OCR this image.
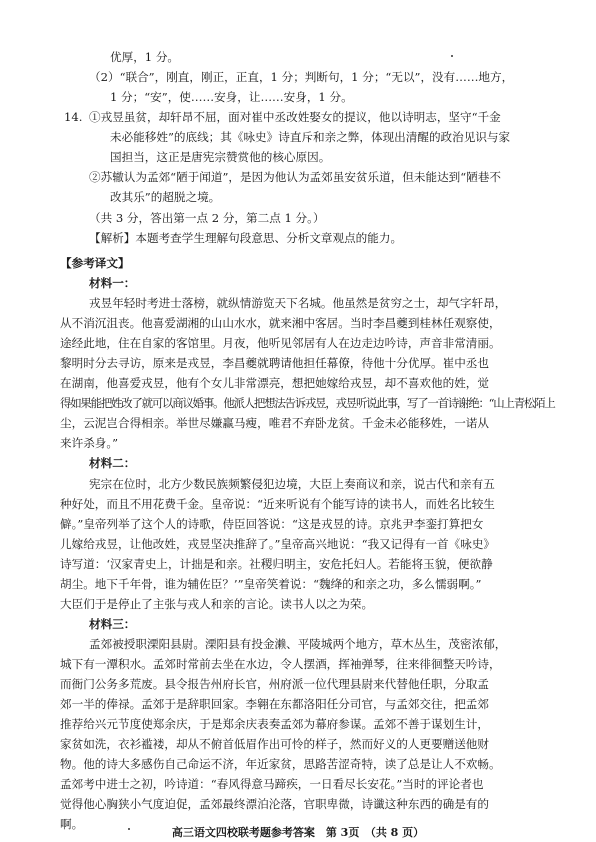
优厚，1 分。
（2）“联合”，刚直，刚正，正直，1 分；判断句，1 分；“无以”，没有……地方，
1 分；“安”，使……安身，让……安身，1 分。
14. ①戎昱虽贫，却轩昂不屈，面对崔中丞改姓娶女的提议，他以诗明志，坚守“千金
未必能移姓”的底线；其《咏史》诗直斥和亲之弊，体现出清醒的政治见识与家
国担当，这正是唐宪宗赞赏他的核心原因。
②苏辙认为孟郊“陋于闻道”，是因为他认为孟郊虽安贫乐道，但未能达到“陋巷不
改其乐”的超脱之境。
（共 3 分，答出第一点 2 分，第二点 1 分。）
【解析】本题考查学生理解句段意思、分析文章观点的能力。
【参考译文】
材料一：
戎昱年轻时考进士落榜，就纵情游览天下名城。他虽然是贫穷之士，却气字轩昂，
从不消沉沮丧。他喜爱湖湘的山山水水，就来湘中客居。当时李昌夔到桂林任观察使，
途经此地，住在自家的客馆里。月夜，他听见邻居有人在边走边吟诗，声音非常清丽。
黎明时分去寻访，原来是戎昱，李昌夔就聘请他担任幕僚，待他十分优厚。崔中丞也
在湖南，他喜爱戎昱，他有个女儿非常漂亮，想把她嫁给戎昱，却不喜欢他的姓，觉
得如果能把姓改了就可以商议婚事。他派人把想法告诉戎昱，戎昱听说此事，写了一首诗谢绝：“山上青松陌上
尘，云泥岂合得相亲。举世尽嫌赢马瘦，唯君不弃卧龙贫。千金未必能移姓，一诺从
来许杀身。”
材料二：
宪宗在位时，北方少数民族频繁侵犯边境，大臣上奏商议和亲，说古代和亲有五
种好处，而且不用花费千金。皇帝说：“近来听说有个能写诗的读书人，而姓名比较生
僻。”皇帝列举了这个人的诗歌，侍臣回答说：“这是戎昱的诗。京兆尹李銮打算把女
儿嫁给戎昱，让他改姓，戎昱坚决推辞了。”皇帝高兴地说：“我又记得有一首《咏史》
诗写道：‘汉家青史上，计拙是和亲。社稷归明主，安危托妇人。若能将玉貌，便欲静
胡尘。地下千年骨，谁为辅佐臣？’”皇帝笑着说：“魏绛的和亲之功，多么懦弱啊。”
大臣们于是停止了主张与戎人和亲的言论。读书人以之为荣。
材料三：
孟郊被授职溧阳县尉。溧阳县有投金濑、平陵城两个地方，草木丛生，茂密浓郁，
城下有一潭积水。孟郊时常前去坐在水边，令人摆酒，挥袖弹琴，往来徘徊整天吟诗，
而衙门公务多荒废。县令报告州府长官，州府派一位代理县尉来代替他任职，分取孟
郊一半的俸禄。孟郊于是辞职回家。李翱在东都洛阳任分司官，与孟郊交往，把孟郊
推荐给兴元节度使郑余庆，于是郑余庆表奏孟郊为幕府参谋。孟郊不善于谋划生计，
家贫如洗，衣衫褴褛，却从不俯首低眉作出可怜的样子，然而好义的人更要赠送他财
物。他的诗大多感伤自己命运不济，年近家贫，思路苦涩奇特，读了总是让人不欢畅。
孟郊考中进士之初，吟诗道：“春风得意马蹄疾，一日看尽长安花。”当时的评论者也
觉得他心胸狭小气度迫促，孟郊最终漂泊沦落，官职卑微，诗谶这种东西的确是有的
啊。
高三语文四校联考题参考答案　第 3页　（共 8 页）
